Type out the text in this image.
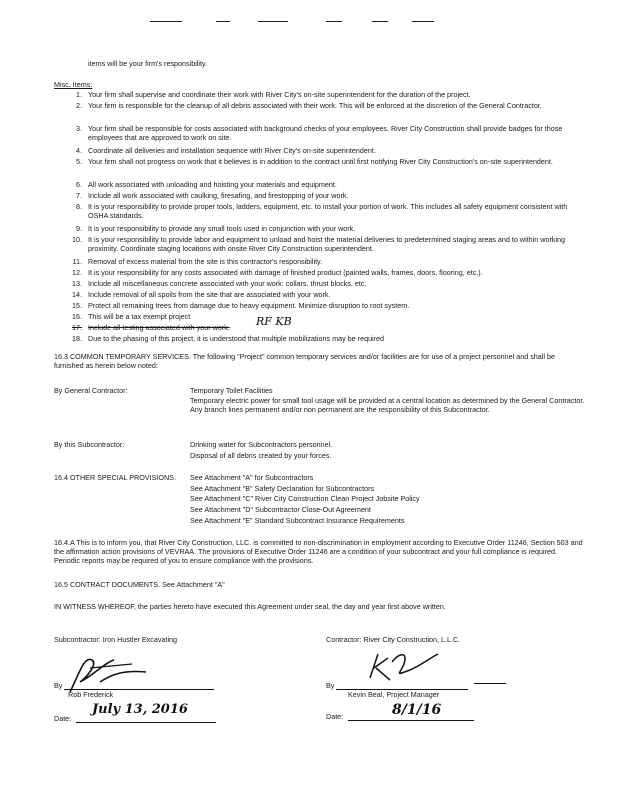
items will be your firm's responsibility.
Misc. Items:
1. Your firm shall supervise and coordinate their work with River City's on-site superintendent for the duration of the project.
2. Your firm is responsible for the cleanup of all debris associated with their work. This will be enforced at the discretion of the General Contractor.
3. Your firm shall be responsible for costs associated with background checks of your employees. River City Construction shall provide badges for those employees that are approved to work on site.
4. Coordinate all deliveries and installation sequence with River City's on-site superintendent.
5. Your firm shall not progress on work that it believes is in addition to the contract until first notifying River City Construction's on-site superintendent.
6. All work associated with unloading and hoisting your materials and equipment.
7. Include all work associated with caulking, firesafing, and firestopping of your work.
8. It is your responsibility to provide proper tools, ladders, equipment, etc. to install your portion of work. This includes all safety equipment consistent with OSHA standards.
9. It is your responsibility to provide any small tools used in conjunction with your work.
10. It is your responsibility to provide labor and equipment to unload and hoist the material deliveries to predetermined staging areas and to within working proximity. Coordinate staging locations with onsite River City Construction superintendent.
11. Removal of excess material from the site is this contractor's responsibility.
12. It is your responsibility for any costs associated with damage of finished product (painted walls, frames, doors, flooring, etc.).
13. Include all miscellaneous concrete associated with your work: collars, thrust blocks, etc.
14. Include removal of all spoils from the site that are associated with your work.
15. Protect all remaining trees from damage due to heavy equipment. Minimize disruption to root system.
16. This will be a tax exempt project
17. Include all testing associated with your work.	RF KB
18. Due to the phasing of this project, it is understood that multiple mobilizations may be required
16.3 COMMON TEMPORARY SERVICES. The following "Project" common temporary services and/or facilities are for use of a project personnel and shall be furnished as herein below noted:
By General Contractor:	Temporary Toilet Facilities
Temporary electric power for small tool usage will be provided at a central location as determined by the General Contractor. Any branch lines permanent and/or non permanent are the responsibility of this Subcontractor.
By this Subcontractor:	Drinking water for Subcontractors personnel.
Disposal of all debris created by your forces.
16.4 OTHER SPECIAL PROVISIONS. See Attachment "A" for Subcontractors
See Attachment "B" Safety Declaration for Subcontractors
See Attachment "C" River City Construction Clean Project Jobsite Policy
See Attachment "D" Subcontractor Close-Out Agreement
See Attachment "E" Standard Subcontract Insurance Requirements
16.4.A This is to inform you, that River City Construction, LLC. is committed to non-discrimination in employment according to Executive Order 11246, Section 503 and the affirmation action provisions of VEVRAA. The provisions of Executive Order 11246 are a condition of your subcontract and your full compliance is required. Periodic reports may be required of you to ensure compliance with the provisions.
16.5 CONTRACT DOCUMENTS. See Attachment "A"
IN WITNESS WHEREOF, the parties hereto have executed this Agreement under seal, the day and year first above written.
Subcontractor: Iron Hustler Excavating	Contractor: River City Construction, L.L.C.
By
Rob Frederick
Date:
July 13, 2016
By
Kevin Beal, Project Manager
Date:	8/1/16
